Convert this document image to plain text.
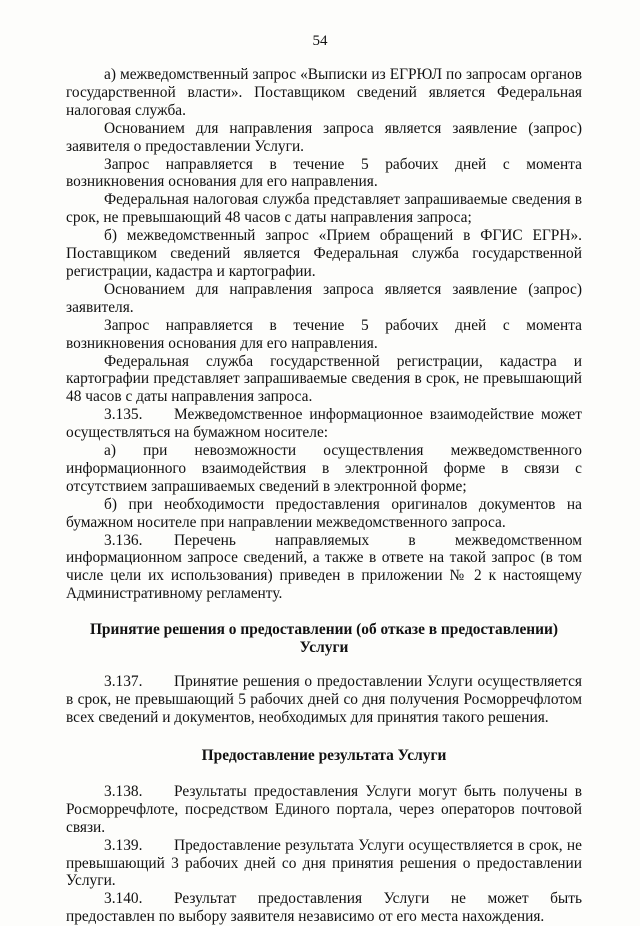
54

а) межведомственный запрос «Выписки из ЕГРЮЛ по запросам органов государственной власти». Поставщиком сведений является Федеральная налоговая служба.

Основанием для направления запроса является заявление (запрос) заявителя о предоставлении Услуги.

Запрос направляется в течение 5 рабочих дней с момента возникновения основания для его направления.

Федеральная налоговая служба представляет запрашиваемые сведения в срок, не превышающий 48 часов с даты направления запроса;

б) межведомственный запрос «Прием обращений в ФГИС ЕГРН». Поставщиком сведений является Федеральная служба государственной регистрации, кадастра и картографии.

Основанием для направления запроса является заявление (запрос) заявителя.

Запрос направляется в течение 5 рабочих дней с момента возникновения основания для его направления.

Федеральная служба государственной регистрации, кадастра и картографии представляет запрашиваемые сведения в срок, не превышающий 48 часов с даты направления запроса.

3.135. Межведомственное информационное взаимодействие может осуществляться на бумажном носителе:

а) при невозможности осуществления межведомственного информационного взаимодействия в электронной форме в связи с отсутствием запрашиваемых сведений в электронной форме;

б) при необходимости предоставления оригиналов документов на бумажном носителе при направлении межведомственного запроса.

3.136. Перечень направляемых в межведомственном информационном запросе сведений, а также в ответе на такой запрос (в том числе цели их использования) приведен в приложении № 2 к настоящему Административному регламенту.

Принятие решения о предоставлении (об отказе в предоставлении) Услуги

3.137. Принятие решения о предоставлении Услуги осуществляется в срок, не превышающий 5 рабочих дней со дня получения Росморречфлотом всех сведений и документов, необходимых для принятия такого решения.

Предоставление результата Услуги

3.138. Результаты предоставления Услуги могут быть получены в Росморречфлоте, посредством Единого портала, через операторов почтовой связи.

3.139. Предоставление результата Услуги осуществляется в срок, не превышающий 3 рабочих дней со дня принятия решения о предоставлении Услуги.

3.140. Результат предоставления Услуги не может быть предоставлен по выбору заявителя независимо от его места нахождения.
